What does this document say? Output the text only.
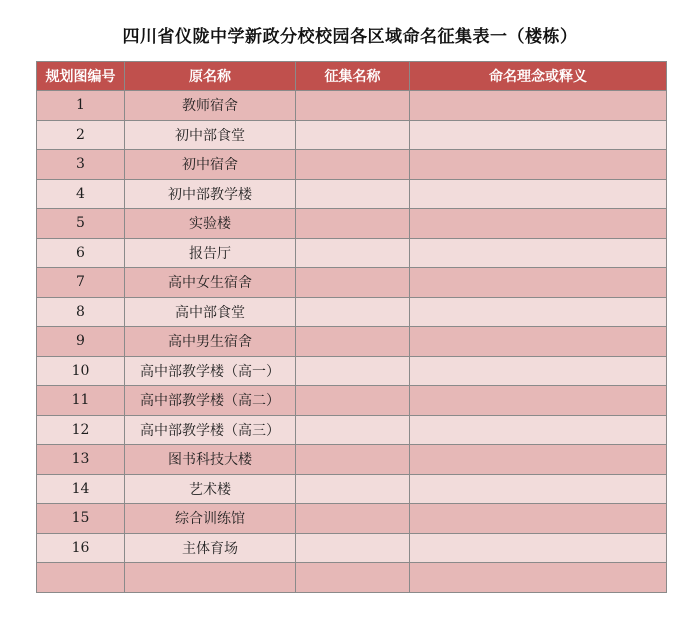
四川省仪陇中学新政分校校园各区域命名征集表一（楼栋）
规划图编号	原名称	征集名称	命名理念或释义
1	教师宿舍		
2	初中部食堂		
3	初中宿舍		
4	初中部教学楼		
5	实验楼		
6	报告厅		
7	高中女生宿舍		
8	高中部食堂		
9	高中男生宿舍		
10	高中部教学楼（高一）		
11	高中部教学楼（高二）		
12	高中部教学楼（高三）		
13	图书科技大楼		
14	艺术楼		
15	综合训练馆		
16	主体育场		
